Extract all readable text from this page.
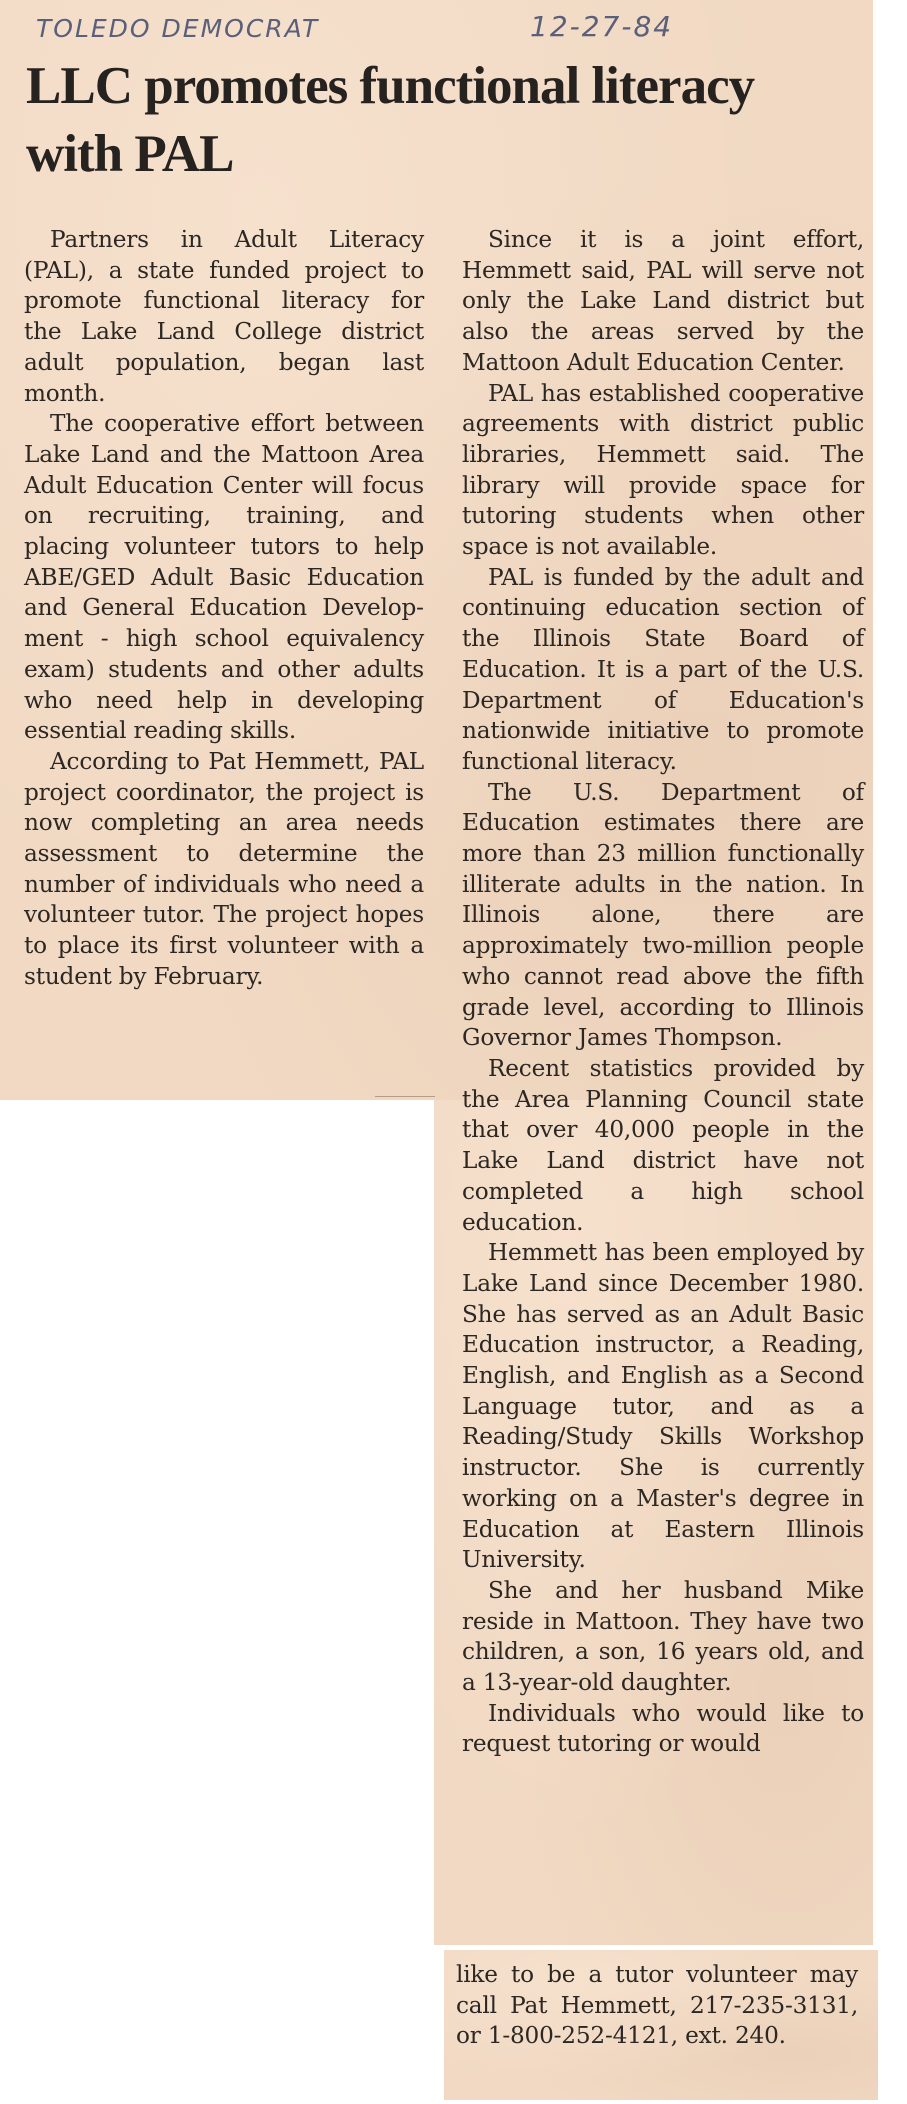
TOLEDO DEMOCRAT	12-27-84
LLC promotes functional literacy with PAL

Partners in Adult Literacy (PAL), a state funded project to promote functional literacy for the Lake Land College district adult population, began last month.

The cooperative effort between Lake Land and the Mattoon Area Adult Education Center will focus on recruiting, training, and placing volunteer tutors to help ABE/GED Adult Basic Education and General Education Development - high school equivalency exam) students and other adults who need help in developing essential reading skills.

According to Pat Hemmett, PAL project coordinator, the project is now completing an area needs assessment to determine the number of individuals who need a volunteer tutor. The project hopes to place its first volunteer with a student by February.

Since it is a joint effort, Hemmett said, PAL will serve not only the Lake Land district but also the areas served by the Mattoon Adult Education Center.

PAL has established cooperative agreements with district public libraries, Hemmett said. The library will provide space for tutoring students when other space is not available.

PAL is funded by the adult and continuing education section of the Illinois State Board of Education. It is a part of the U.S. Department of Education's nationwide initiative to promote functional literacy.

The U.S. Department of Education estimates there are more than 23 million functionally illiterate adults in the nation. In Illinois alone, there are approximately two-million people who cannot read above the fifth grade level, according to Illinois Governor James Thompson.

Recent statistics provided by the Area Planning Council state that over 40,000 people in the Lake Land district have not completed a high school education.

Hemmett has been employed by Lake Land since December 1980. She has served as an Adult Basic Education instructor, a Reading, English, and English as a Second Language tutor, and as a Reading/Study Skills Workshop instructor. She is currently working on a Master's degree in Education at Eastern Illinois University.

She and her husband Mike reside in Mattoon. They have two children, a son, 16 years old, and a 13-year-old daughter.

Individuals who would like to request tutoring or would

like to be a tutor volunteer may call Pat Hemmett, 217-235-3131, or 1-800-252-4121, ext. 240.
